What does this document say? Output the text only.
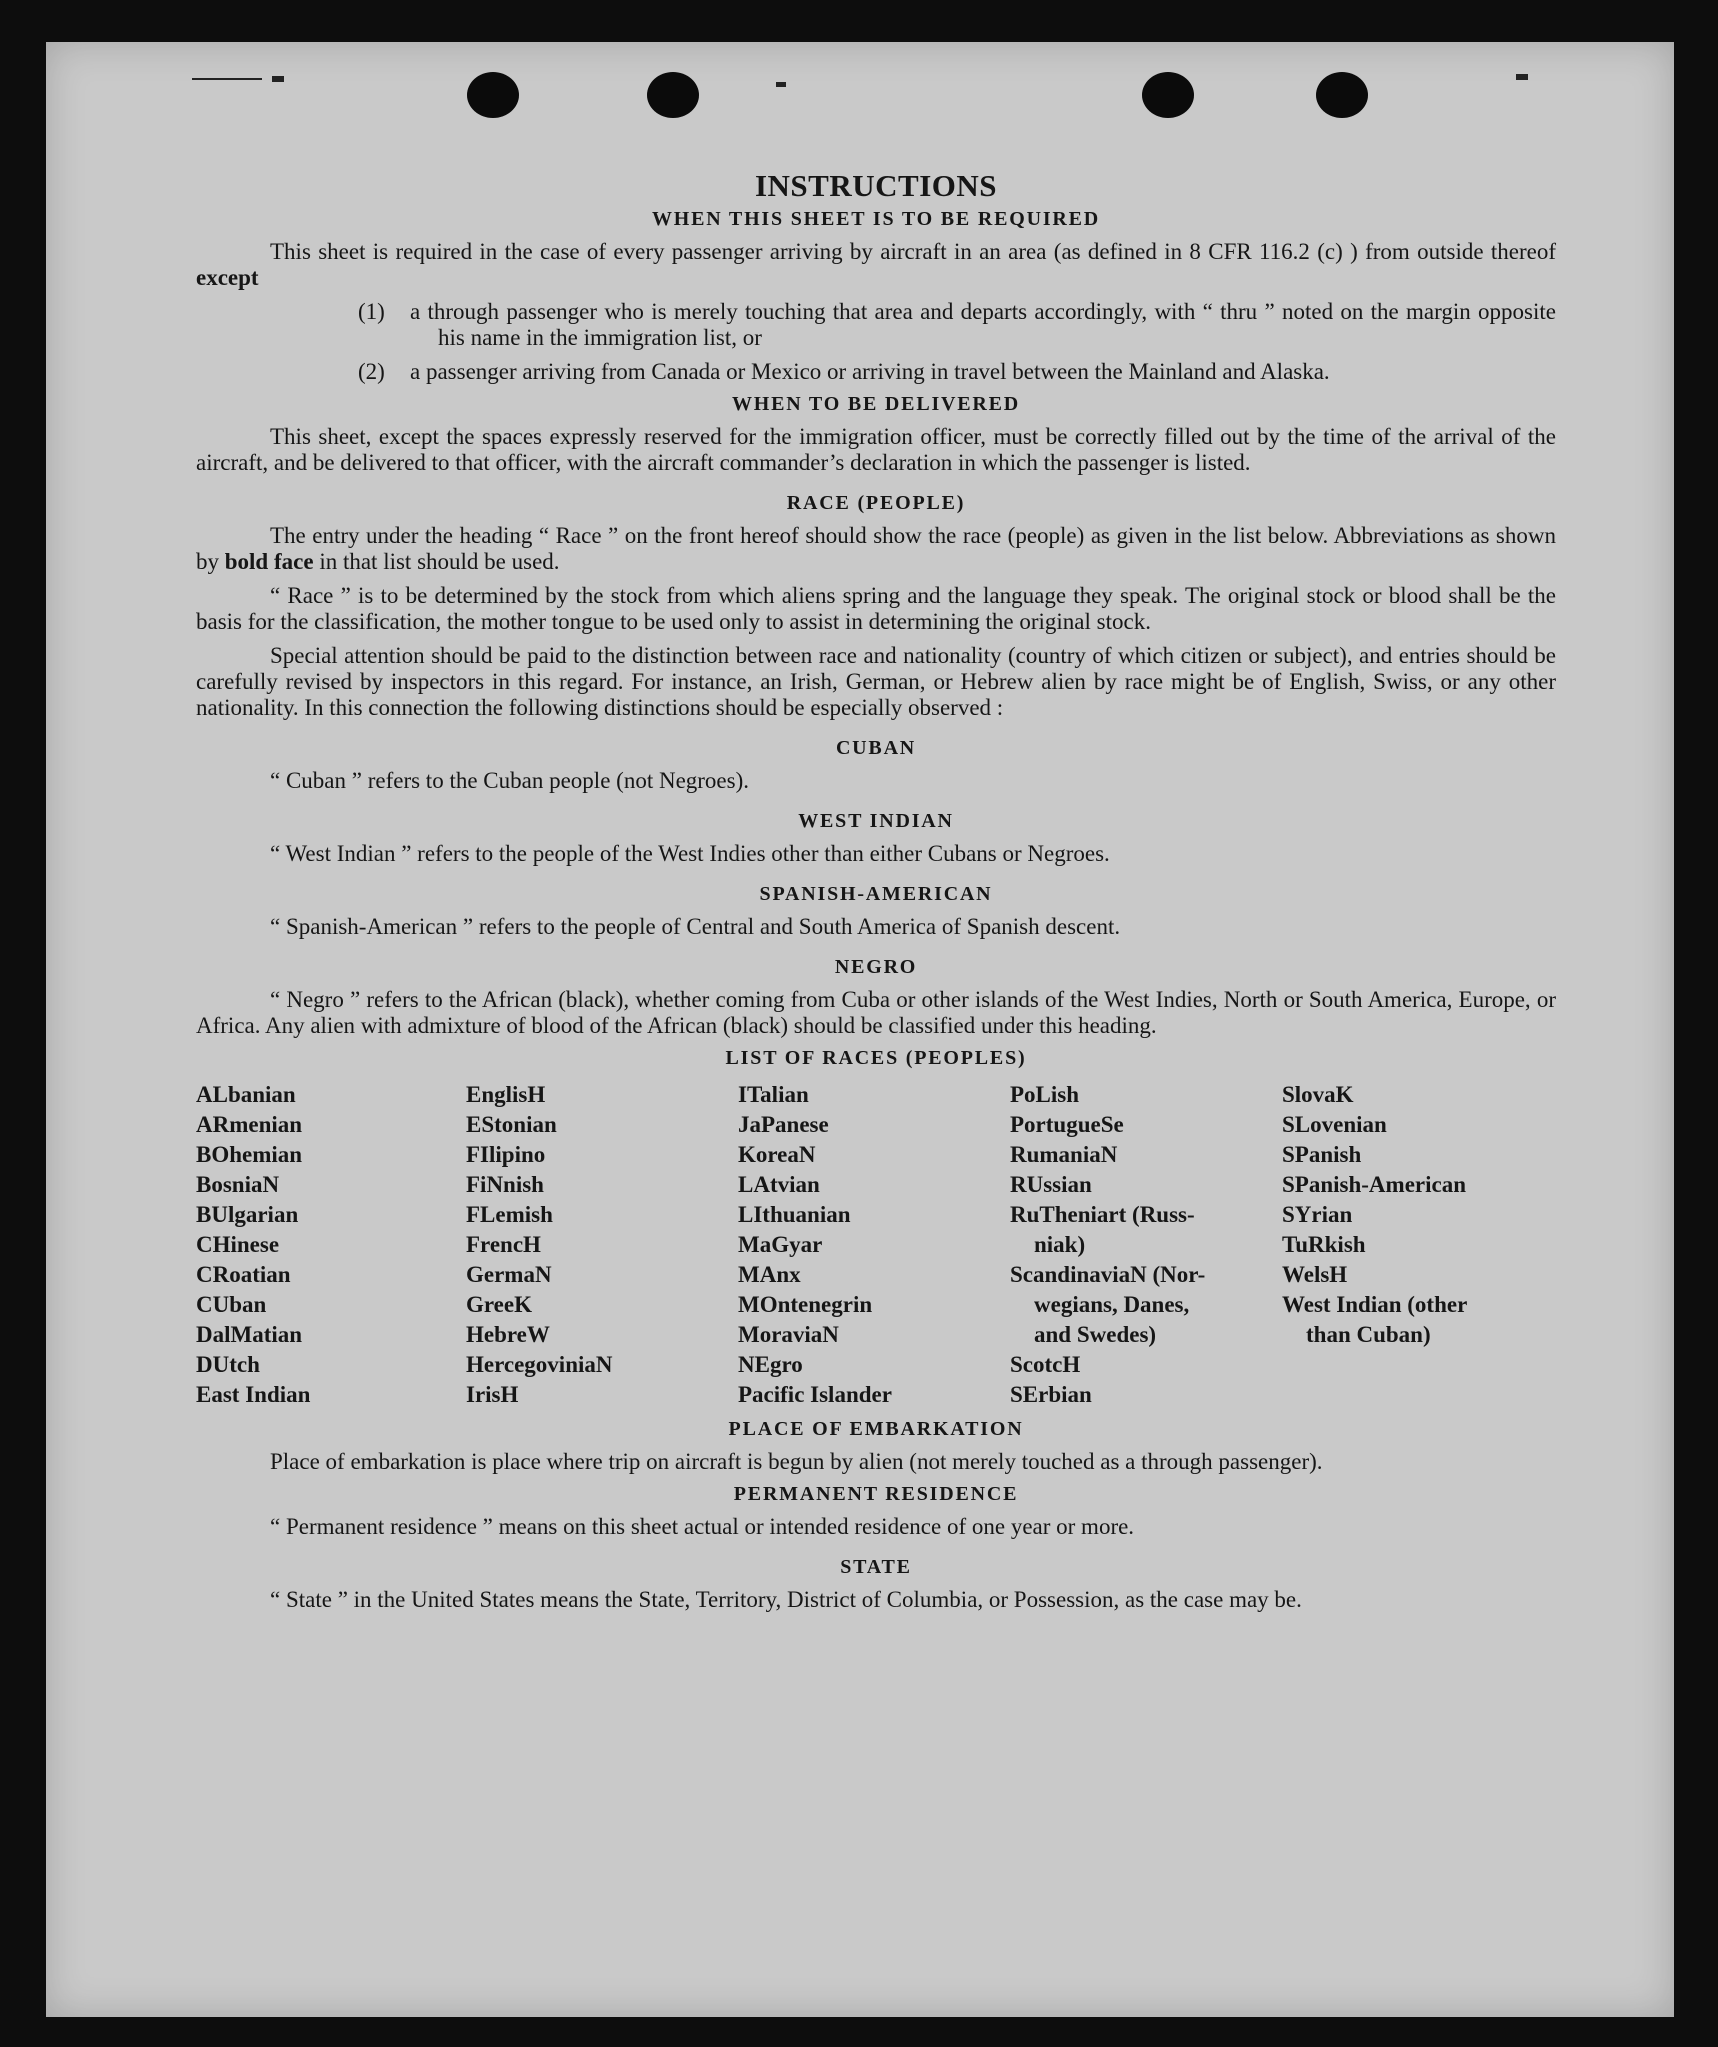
INSTRUCTIONS
WHEN THIS SHEET IS TO BE REQUIRED

This sheet is required in the case of every passenger arriving by aircraft in an area (as defined in 8 CFR 116.2 (c) ) from outside thereof except

(1)	a through passenger who is merely touching that area and departs accordingly, with “ thru ” noted on the margin opposite his name in the immigration list, or
(2)	a passenger arriving from Canada or Mexico or arriving in travel between the Mainland and Alaska.
WHEN TO BE DELIVERED

This sheet, except the spaces expressly reserved for the immigration officer, must be correctly filled out by the time of the arrival of the aircraft, and be delivered to that officer, with the aircraft commander’s declaration in which the passenger is listed.

RACE (PEOPLE)

The entry under the heading “ Race ” on the front hereof should show the race (people) as given in the list below. Abbreviations as shown by bold face in that list should be used.

“ Race ” is to be determined by the stock from which aliens spring and the language they speak. The original stock or blood shall be the basis for the classification, the mother tongue to be used only to assist in determining the original stock.

Special attention should be paid to the distinction between race and nationality (country of which citizen or subject), and entries should be carefully revised by inspectors in this regard. For instance, an Irish, German, or Hebrew alien by race might be of English, Swiss, or any other nationality. In this connection the following distinctions should be especially observed :

CUBAN

“ Cuban ” refers to the Cuban people (not Negroes).

WEST INDIAN

“ West Indian ” refers to the people of the West Indies other than either Cubans or Negroes.

SPANISH-AMERICAN

“ Spanish-American ” refers to the people of Central and South America of Spanish descent.

NEGRO

“ Negro ” refers to the African (black), whether coming from Cuba or other islands of the West Indies, North or South America, Europe, or Africa. Any alien with admixture of blood of the African (black) should be classified under this heading.

LIST OF RACES (PEOPLES)
ALbanian
ARmenian
BOhemian
BosniaN
BUlgarian
CHinese
CRoatian
CUban
DalMatian
DUtch
East Indian
EnglisH
EStonian
FIlipino
FiNnish
FLemish
FrencH
GermaN
GreeK
HebreW
HercegoviniaN
IrisH
ITalian
JaPanese
KoreaN
LAtvian
LIthuanian
MaGyar
MAnx
MOntenegrin
MoraviaN
NEgro
Pacific Islander
PoLish
PortugueSe
RumaniaN
RUssian
RuTheniart (Russ-
niak)
ScandinaviaN (Nor-
wegians, Danes,
and Swedes)
ScotcH
SErbian
SlovaK
SLovenian
SPanish
SPanish-American
SYrian
TuRkish
WelsH
West Indian (other
than Cuban)
PLACE OF EMBARKATION

Place of embarkation is place where trip on aircraft is begun by alien (not merely touched as a through passenger).

PERMANENT RESIDENCE

“ Permanent residence ” means on this sheet actual or intended residence of one year or more.

STATE

“ State ” in the United States means the State, Territory, District of Columbia, or Possession, as the case may be.
